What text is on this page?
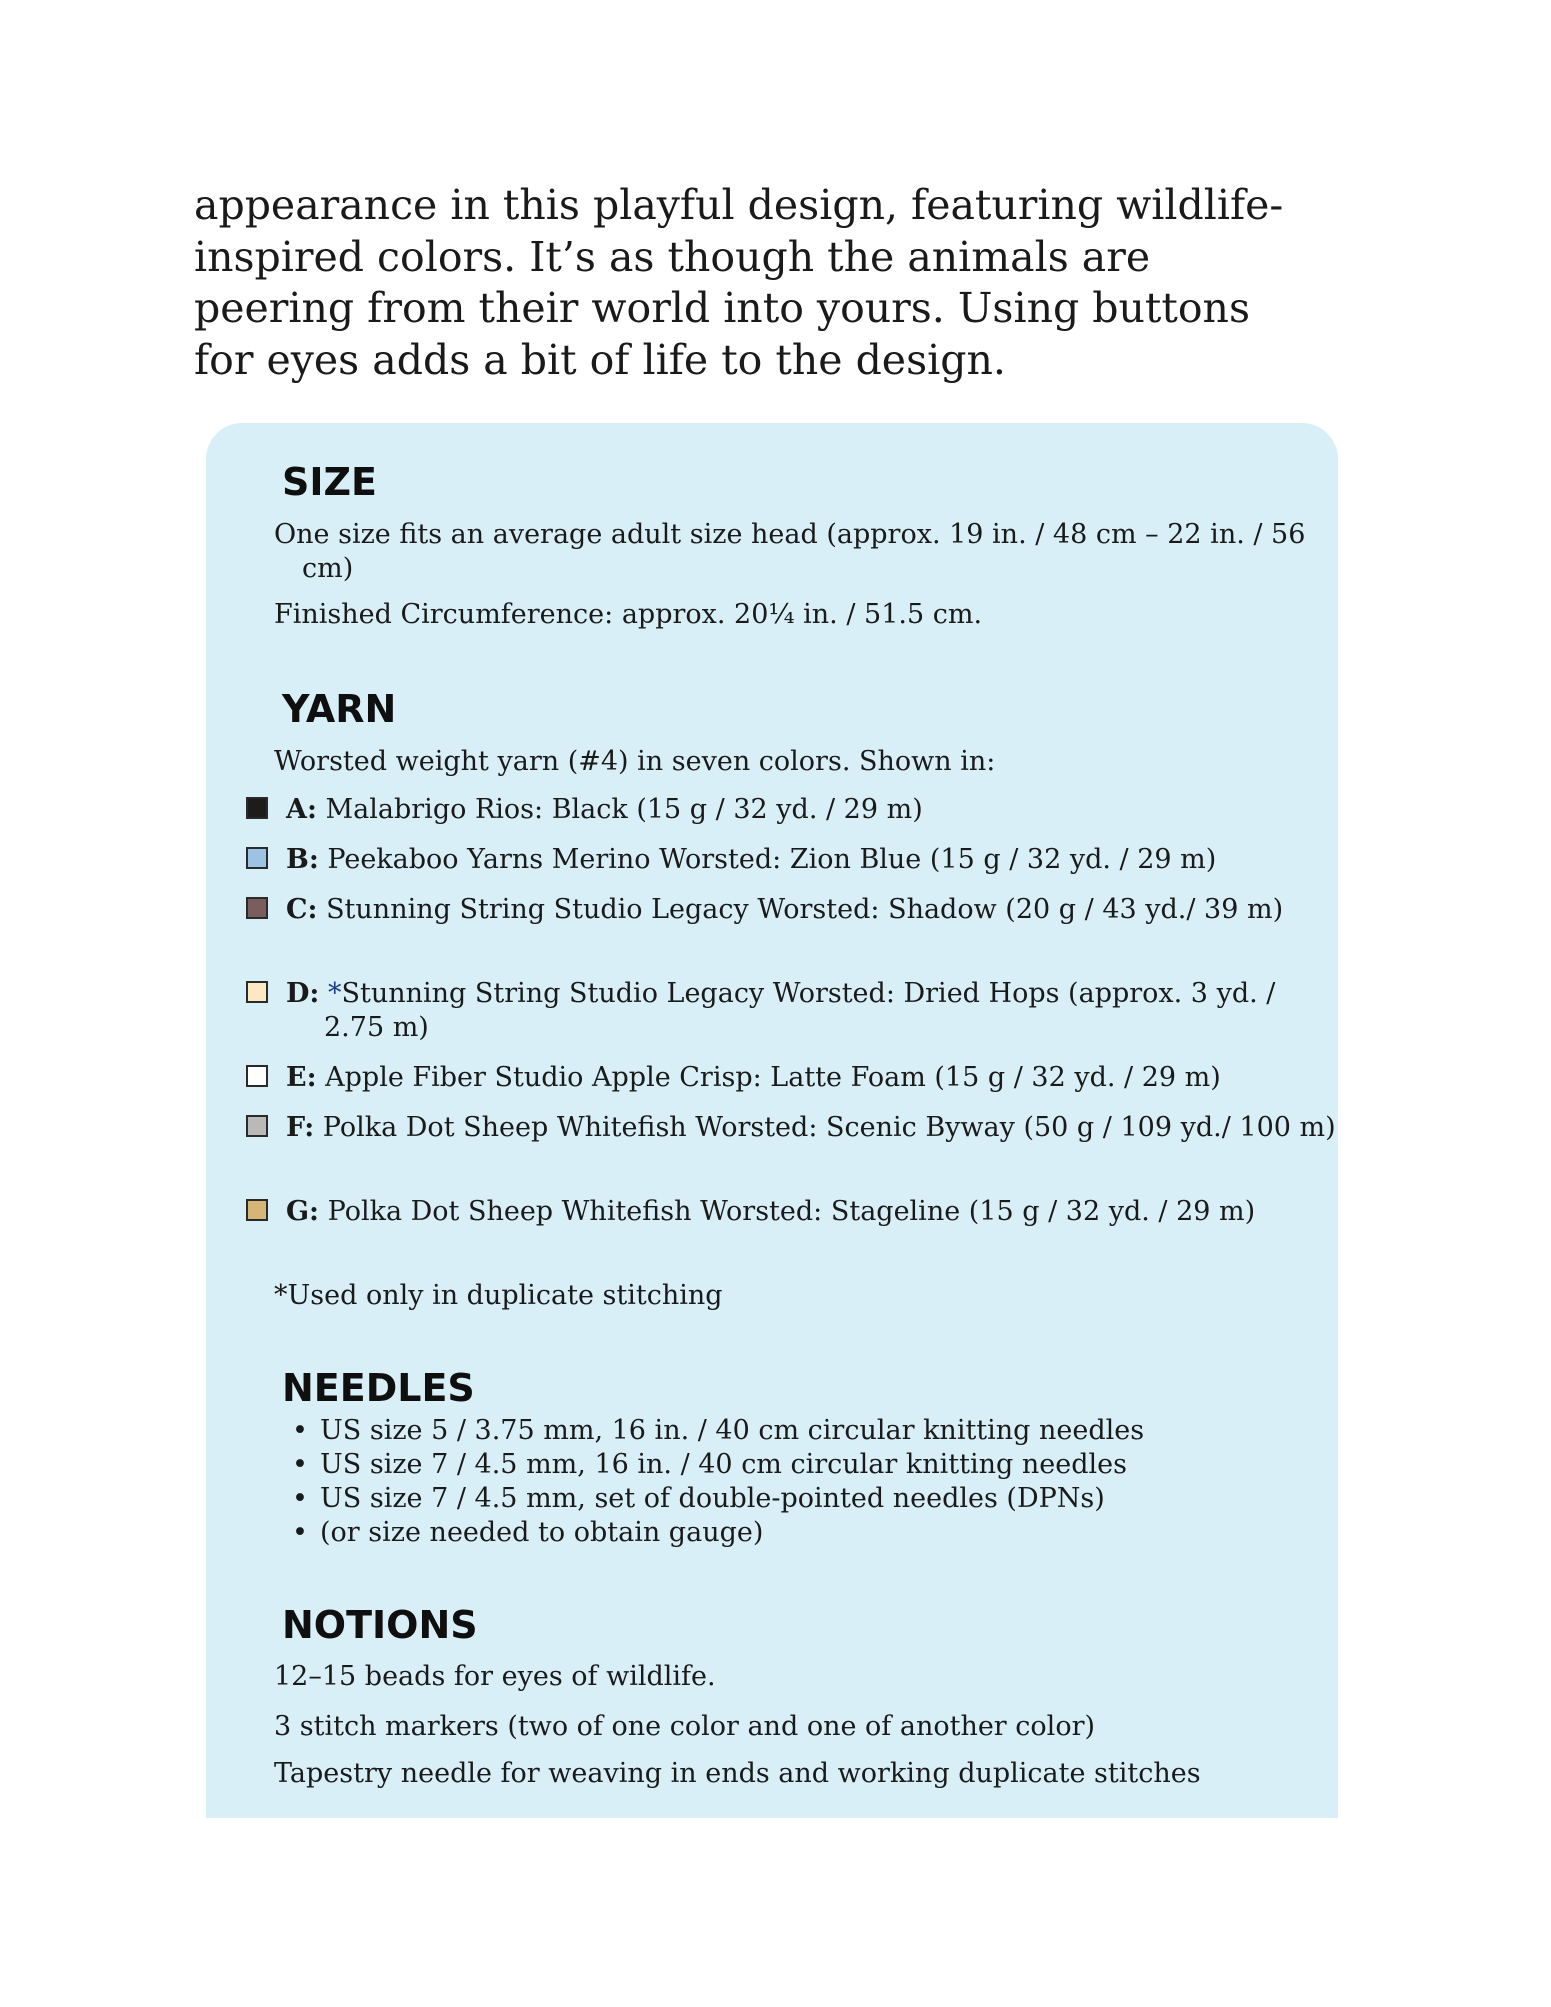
appearance in this playful design, featuring wildlife-
inspired colors. It’s as though the animals are
peering from their world into yours. Using buttons
for eyes adds a bit of life to the design.
SIZE

One size fits an average adult size head (approx. 19 in. / 48 cm – 22 in. / 56 cm)

Finished Circumference: approx. 20¼ in. / 51.5 cm.

YARN

Worsted weight yarn (#4) in seven colors. Shown in:

A: Malabrigo Rios: Black (15 g / 32 yd. / 29 m)

B: Peekaboo Yarns Merino Worsted: Zion Blue (15 g / 32 yd. / 29 m)

C: Stunning String Studio Legacy Worsted: Shadow (20 g / 43 yd./ 39 m)

D: *Stunning String Studio Legacy Worsted: Dried Hops (approx. 3 yd. / 2.75 m)

E: Apple Fiber Studio Apple Crisp: Latte Foam (15 g / 32 yd. / 29 m)

F: Polka Dot Sheep Whitefish Worsted: Scenic Byway (50 g / 109 yd./ 100 m)

G: Polka Dot Sheep Whitefish Worsted: Stageline (15 g / 32 yd. / 29 m)

*Used only in duplicate stitching

NEEDLES
• US size 5 / 3.75 mm, 16 in. / 40 cm circular knitting needles
• US size 7 / 4.5 mm, 16 in. / 40 cm circular knitting needles
• US size 7 / 4.5 mm, set of double-pointed needles (DPNs)
• (or size needed to obtain gauge)
NOTIONS

12–15 beads for eyes of wildlife.

3 stitch markers (two of one color and one of another color)

Tapestry needle for weaving in ends and working duplicate stitches
